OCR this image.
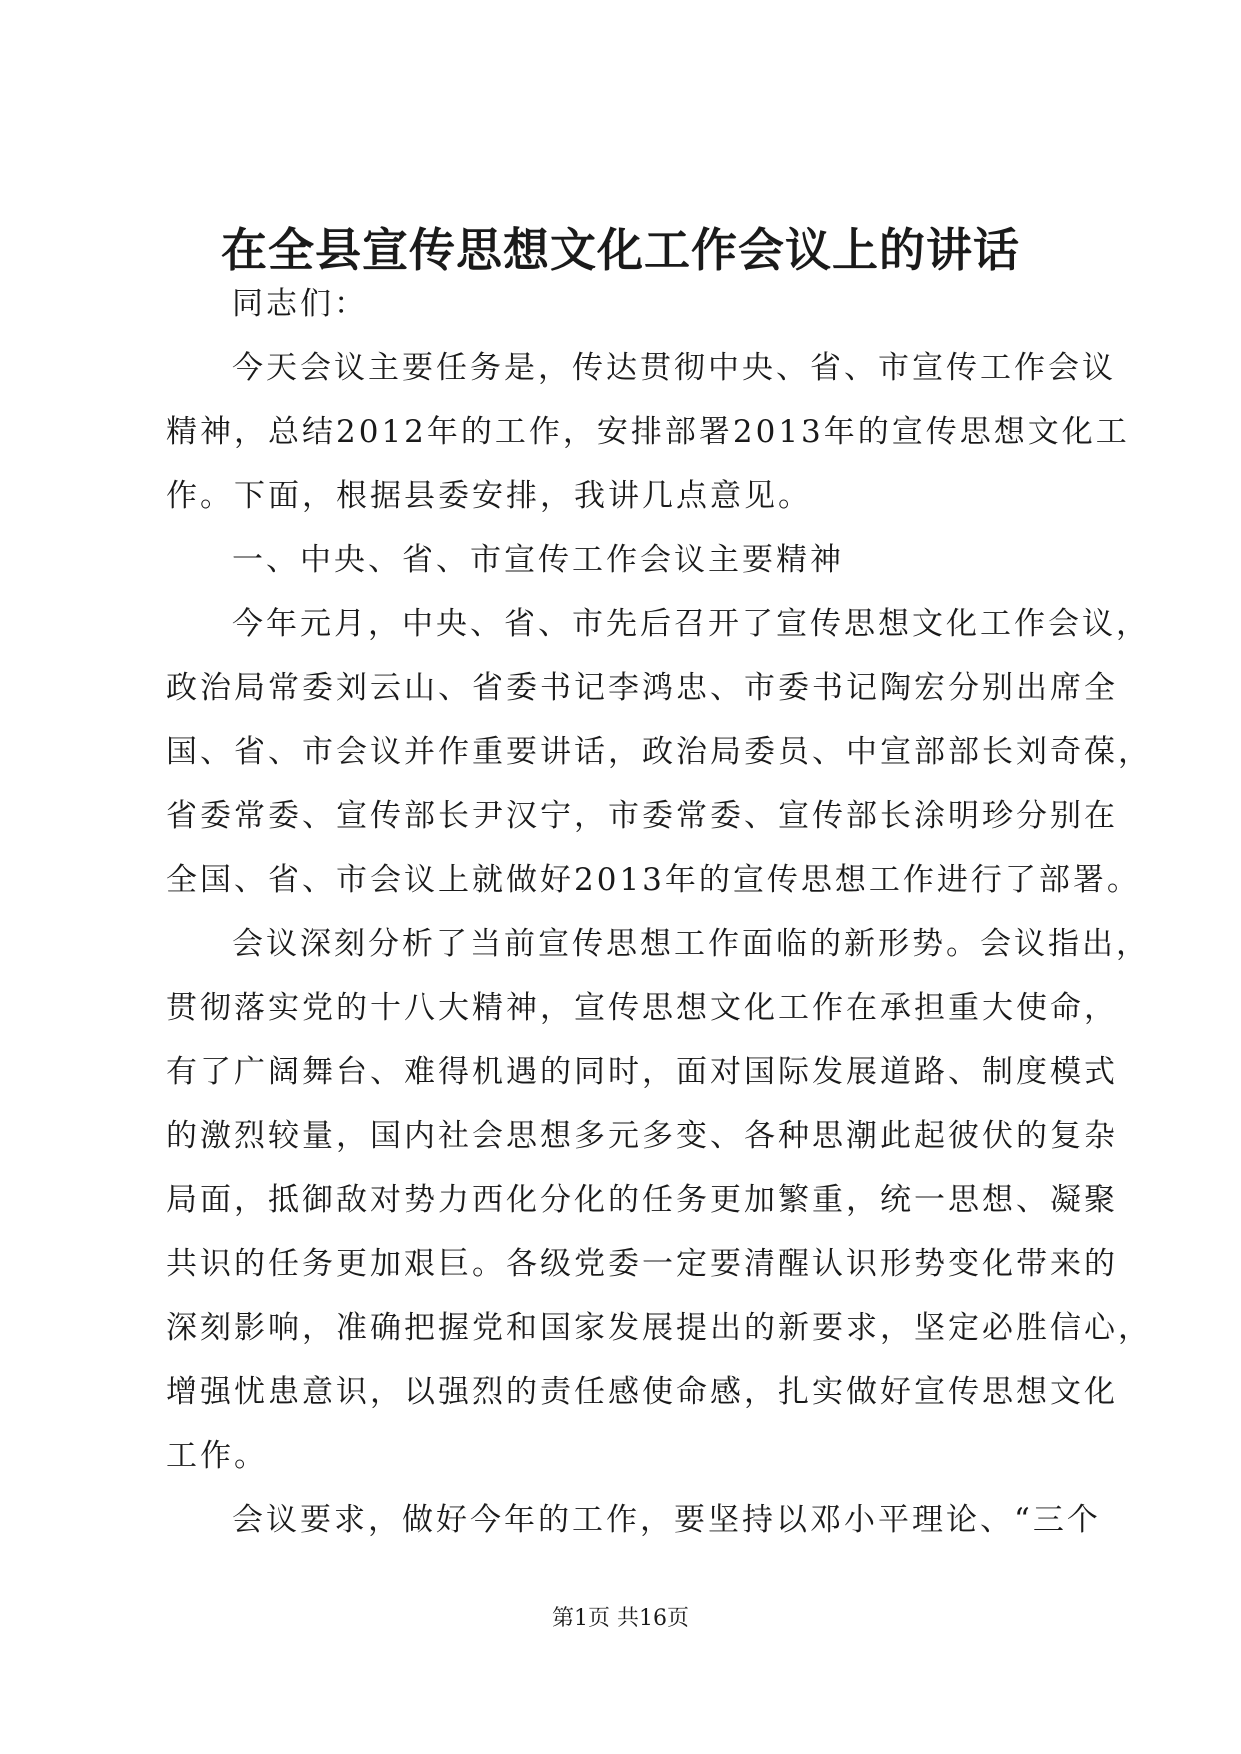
在全县宣传思想文化工作会议上的讲话
同志们：
今天会议主要任务是，传达贯彻中央、省、市宣传工作会议
精神，总结2012年的工作，安排部署2013年的宣传思想文化工
作。下面，根据县委安排，我讲几点意见。
一、中央、省、市宣传工作会议主要精神
今年元月，中央、省、市先后召开了宣传思想文化工作会议，
政治局常委刘云山、省委书记李鸿忠、市委书记陶宏分别出席全
国、省、市会议并作重要讲话，政治局委员、中宣部部长刘奇葆，
省委常委、宣传部长尹汉宁，市委常委、宣传部长涂明珍分别在
全国、省、市会议上就做好2013年的宣传思想工作进行了部署。
会议深刻分析了当前宣传思想工作面临的新形势。会议指出，
贯彻落实党的十八大精神，宣传思想文化工作在承担重大使命，
有了广阔舞台、难得机遇的同时，面对国际发展道路、制度模式
的激烈较量，国内社会思想多元多变、各种思潮此起彼伏的复杂
局面，抵御敌对势力西化分化的任务更加繁重，统一思想、凝聚
共识的任务更加艰巨。各级党委一定要清醒认识形势变化带来的
深刻影响，准确把握党和国家发展提出的新要求，坚定必胜信心，
增强忧患意识，以强烈的责任感使命感，扎实做好宣传思想文化
工作。
会议要求，做好今年的工作，要坚持以邓小平理论、“三个
第1页 共16页
